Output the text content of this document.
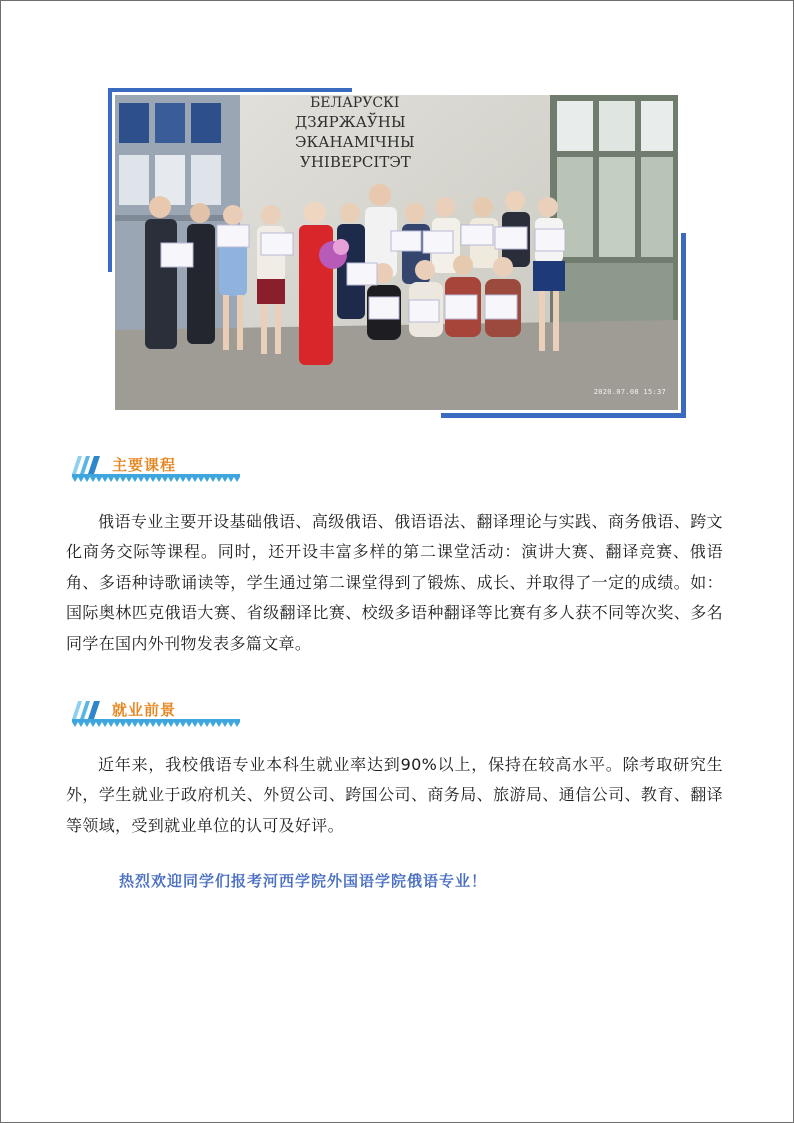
БЕЛАРУСКІ
ДЗЯРЖАЎНЫ
ЭКАНАМІЧНЫ
УНІВЕРСІТЭТ
2020.07.08 15:37
主要课程

俄语专业主要开设基础俄语、高级俄语、俄语语法、翻译理论与实践、商务俄语、跨文化商务交际等课程。同时，还开设丰富多样的第二课堂活动：演讲大赛、翻译竞赛、俄语角、多语种诗歌诵读等，学生通过第二课堂得到了锻炼、成长、并取得了一定的成绩。如：国际奥林匹克俄语大赛、省级翻译比赛、校级多语种翻译等比赛有多人获不同等次奖、多名同学在国内外刊物发表多篇文章。

就业前景

近年来，我校俄语专业本科生就业率达到90%以上，保持在较高水平。除考取研究生外，学生就业于政府机关、外贸公司、跨国公司、商务局、旅游局、通信公司、教育、翻译等领域，受到就业单位的认可及好评。

热烈欢迎同学们报考河西学院外国语学院俄语专业！
